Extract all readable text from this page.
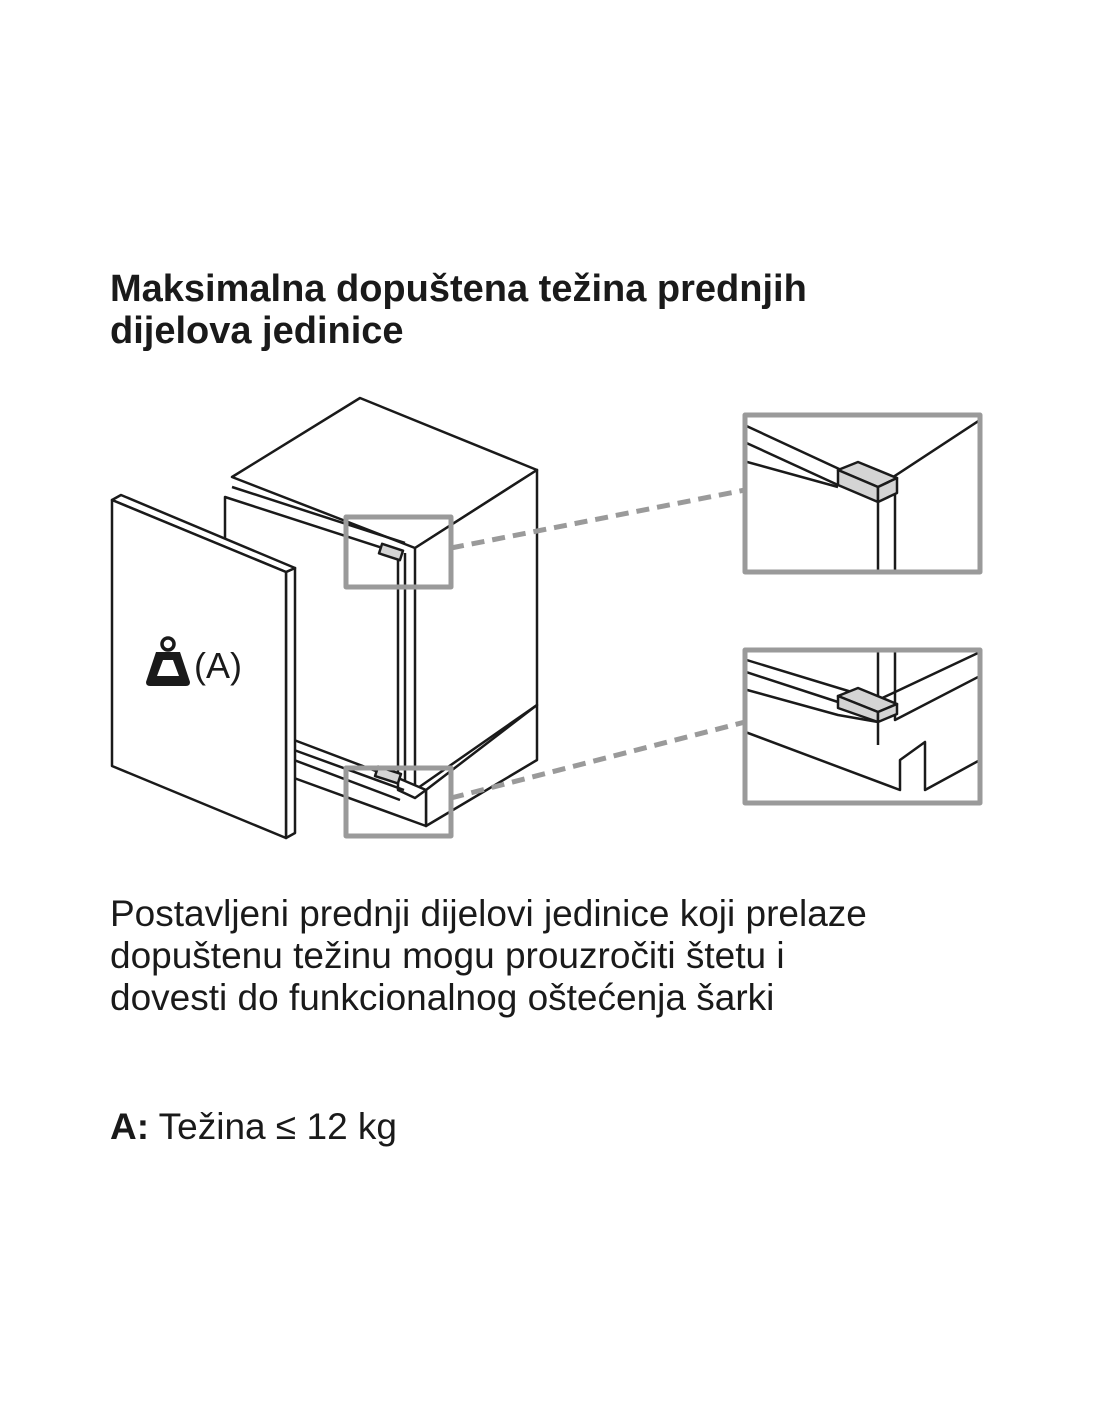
Maksimalna dopuštena težina prednjih
dijelova jedinice
(A)

Postavljeni prednji dijelovi jedinice koji prelaze
dopuštenu težinu mogu prouzročiti štetu i
dovesti do funkcionalnog oštećenja šarki

A: Težina ≤ 12 kg
